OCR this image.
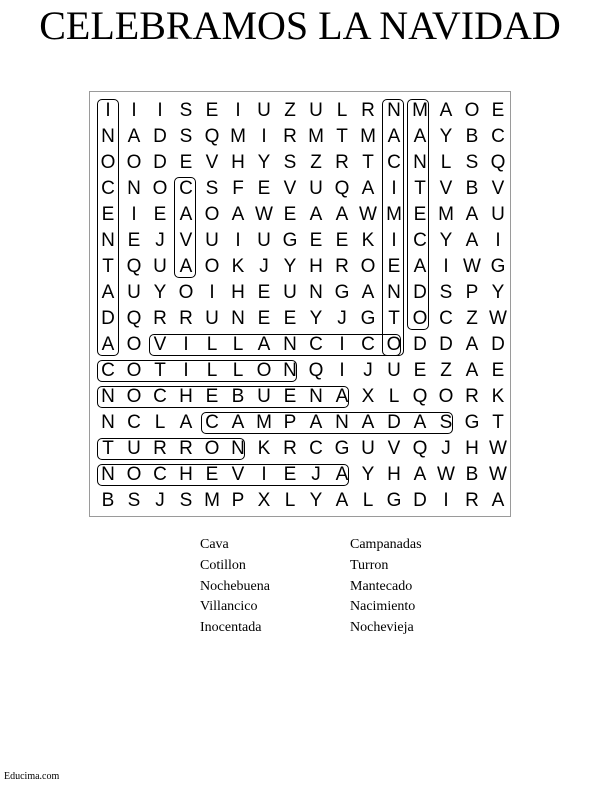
CELEBRAMOS LA NAVIDAD
I	I	I S E I U Z U L R N M A O E
N A D S Q M I R M T M A A Y B C
O O D E V H Y S Z R T C N L S Q
C N O C S F E V U Q A I T V B V
E I E A O A W E A A W M E M A U
N E J V U I U G E E K I C Y A I
T Q U A O K J Y H R O E A I W G
A U Y O I H E U N G A N D S P Y
D Q R R U N E E Y J G T O C Z W
A O V I L L A N C I C O D D A D
C O T I L L O N Q I J U E Z A E
N O C H E B U E N A X L Q O R K
N C L A C A M P A N A D A S G T
T U R R O N K R C G U V Q J H W
N O C H E V I E J A Y H A W B W
B S J S M P X L Y A L G D I R A
Cava
Cotillon
Nochebuena
Villancico
Inocentada
Campanadas
Turron
Mantecado
Nacimiento
Nochevieja
Educima.com
